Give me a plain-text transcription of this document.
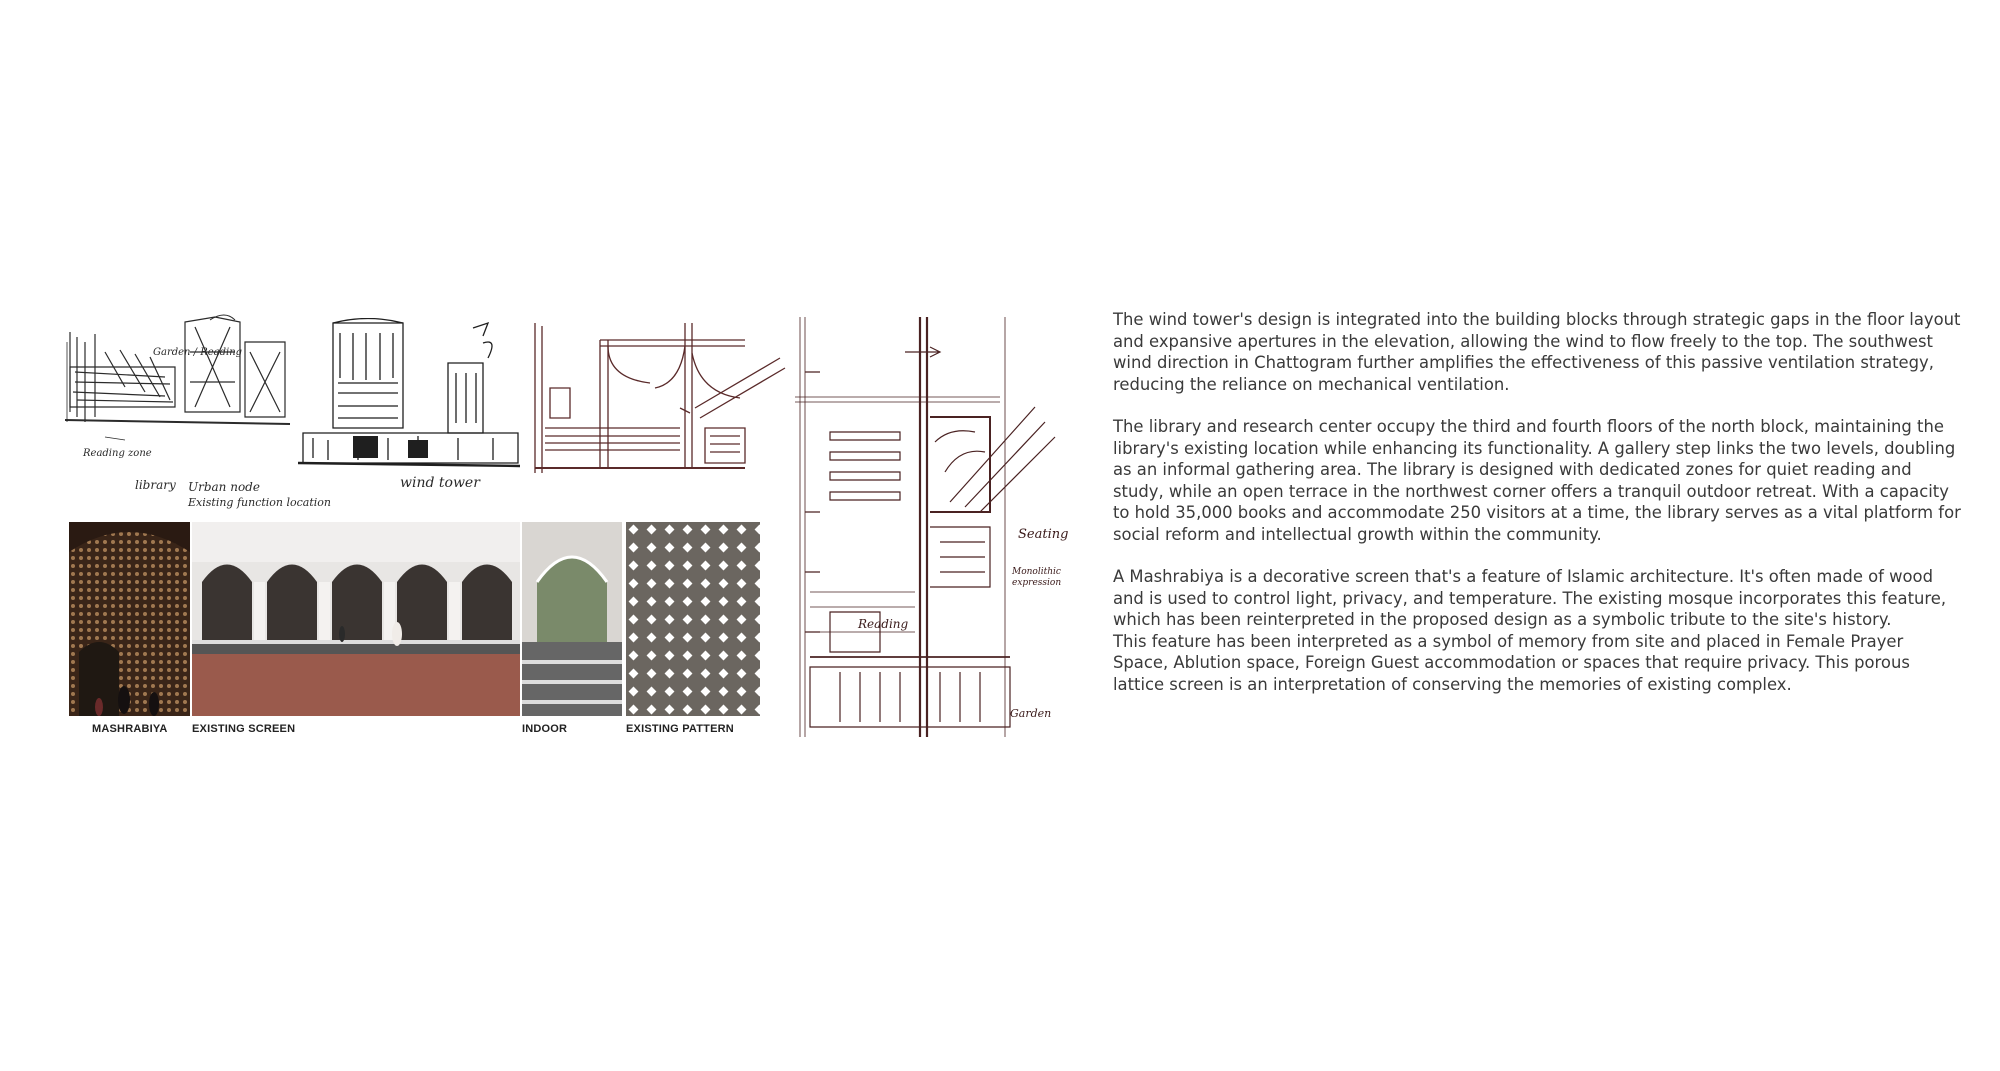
Garden / Reading
Reading zone
library Urban node
Existing function location
wind tower
Seating
Monolithic expression
Reading
Garden
MASHRABIYA EXISTING SCREEN	INDOOR	EXISTING PATTERN

The wind tower's design is integrated into the building blocks through strategic gaps in the floor layout and expansive apertures in the elevation, allowing the wind to flow freely to the top. The southwest wind direction in Chattogram further amplifies the effectiveness of this passive ventilation strategy, reducing the reliance on mechanical ventilation.

The library and research center occupy the third and fourth floors of the north block, maintaining the library's existing location while enhancing its functionality. A gallery step links the two levels, doubling as an informal gathering area. The library is designed with dedicated zones for quiet reading and study, while an open terrace in the northwest corner offers a tranquil outdoor retreat. With a capacity to hold 35,000 books and accommodate 250 visitors at a time, the library serves as a vital platform for social reform and intellectual growth within the community.

A Mashrabiya is a decorative screen that's a feature of Islamic architecture. It's often made of wood and is used to control light, privacy, and temperature. The existing mosque incorporates this feature, which has been reinterpreted in the proposed design as a symbolic tribute to the site's history.

This feature has been interpreted as a symbol of memory from site and placed in Female Prayer Space, Ablution space, Foreign Guest accommodation or spaces that require privacy. This porous lattice screen is an interpretation of conserving the memories of existing complex.
